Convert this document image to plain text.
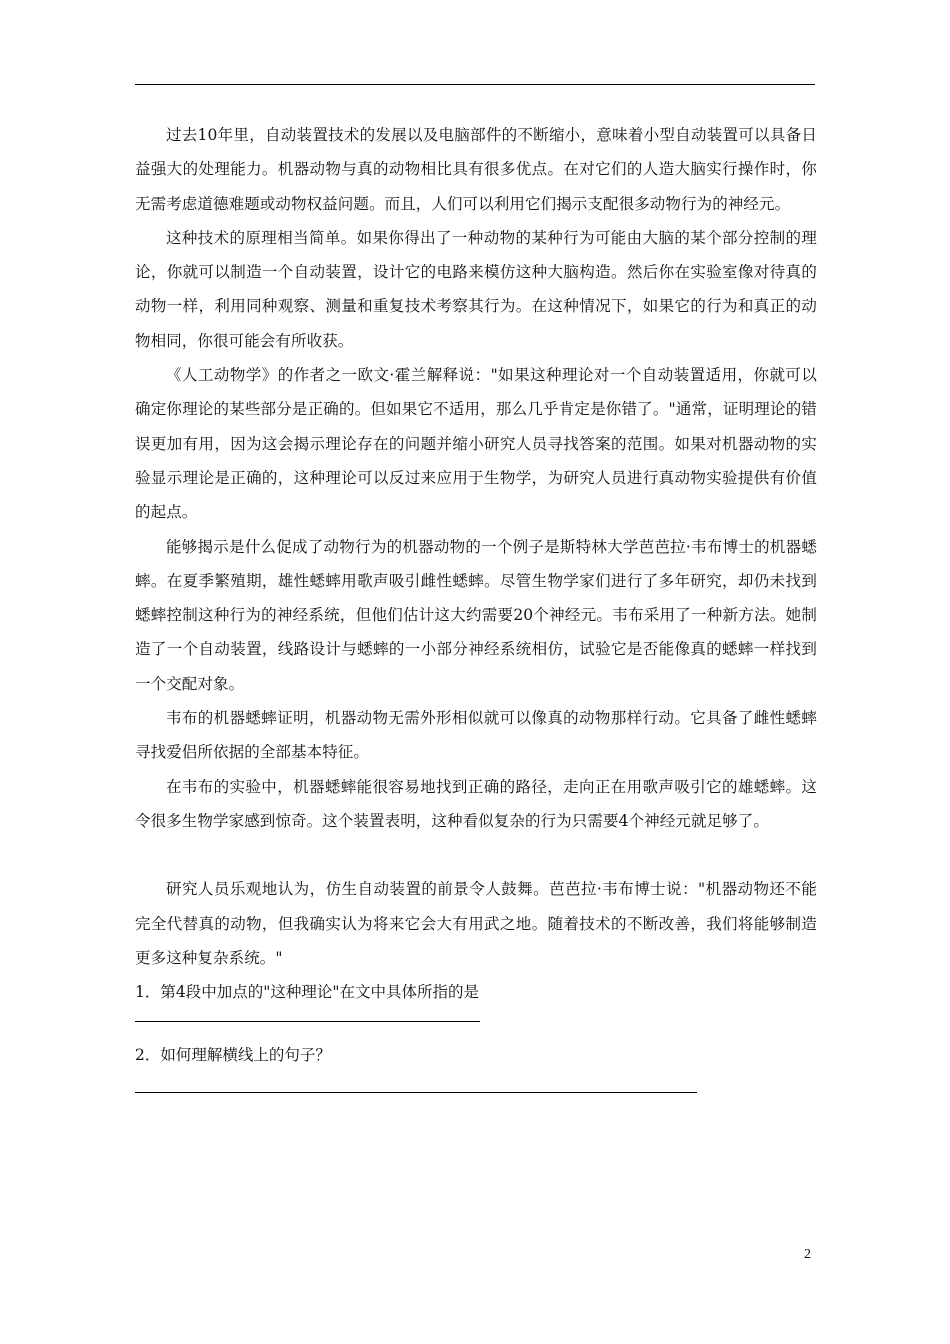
过去10年里，自动装置技术的发展以及电脑部件的不断缩小，意味着小型自动装置可以具备日益强大的处理能力。机器动物与真的动物相比具有很多优点。在对它们的人造大脑实行操作时，你无需考虑道德难题或动物权益问题。而且，人们可以利用它们揭示支配很多动物行为的神经元。

这种技术的原理相当简单。如果你得出了一种动物的某种行为可能由大脑的某个部分控制的理论，你就可以制造一个自动装置，设计它的电路来模仿这种大脑构造。然后你在实验室像对待真的动物一样，利用同种观察、测量和重复技术考察其行为。在这种情况下，如果它的行为和真正的动物相同，你很可能会有所收获。

《人工动物学》的作者之一欧文·霍兰解释说："如果这种理论对一个自动装置适用，你就可以确定你理论的某些部分是正确的。但如果它不适用，那么几乎肯定是你错了。"通常，证明理论的错误更加有用，因为这会揭示理论存在的问题并缩小研究人员寻找答案的范围。如果对机器动物的实验显示理论是正确的，这种理论可以反过来应用于生物学，为研究人员进行真动物实验提供有价值的起点。

能够揭示是什么促成了动物行为的机器动物的一个例子是斯特林大学芭芭拉·韦布博士的机器蟋蟀。在夏季繁殖期，雄性蟋蟀用歌声吸引雌性蟋蟀。尽管生物学家们进行了多年研究，却仍未找到蟋蟀控制这种行为的神经系统，但他们估计这大约需要20个神经元。韦布采用了一种新方法。她制造了一个自动装置，线路设计与蟋蟀的一小部分神经系统相仿，试验它是否能像真的蟋蟀一样找到一个交配对象。

韦布的机器蟋蟀证明，机器动物无需外形相似就可以像真的动物那样行动。它具备了雌性蟋蟀寻找爱侣所依据的全部基本特征。

在韦布的实验中，机器蟋蟀能很容易地找到正确的路径，走向正在用歌声吸引它的雄蟋蟀。这令很多生物学家感到惊奇。这个装置表明，这种看似复杂的行为只需要4个神经元就足够了。

研究人员乐观地认为，仿生自动装置的前景令人鼓舞。芭芭拉·韦布博士说："机器动物还不能完全代替真的动物，但我确实认为将来它会大有用武之地。随着技术的不断改善，我们将能够制造更多这种复杂系统。"

1．第4段中加点的"这种理论"在文中具体所指的是

2．如何理解横线上的句子？

2
